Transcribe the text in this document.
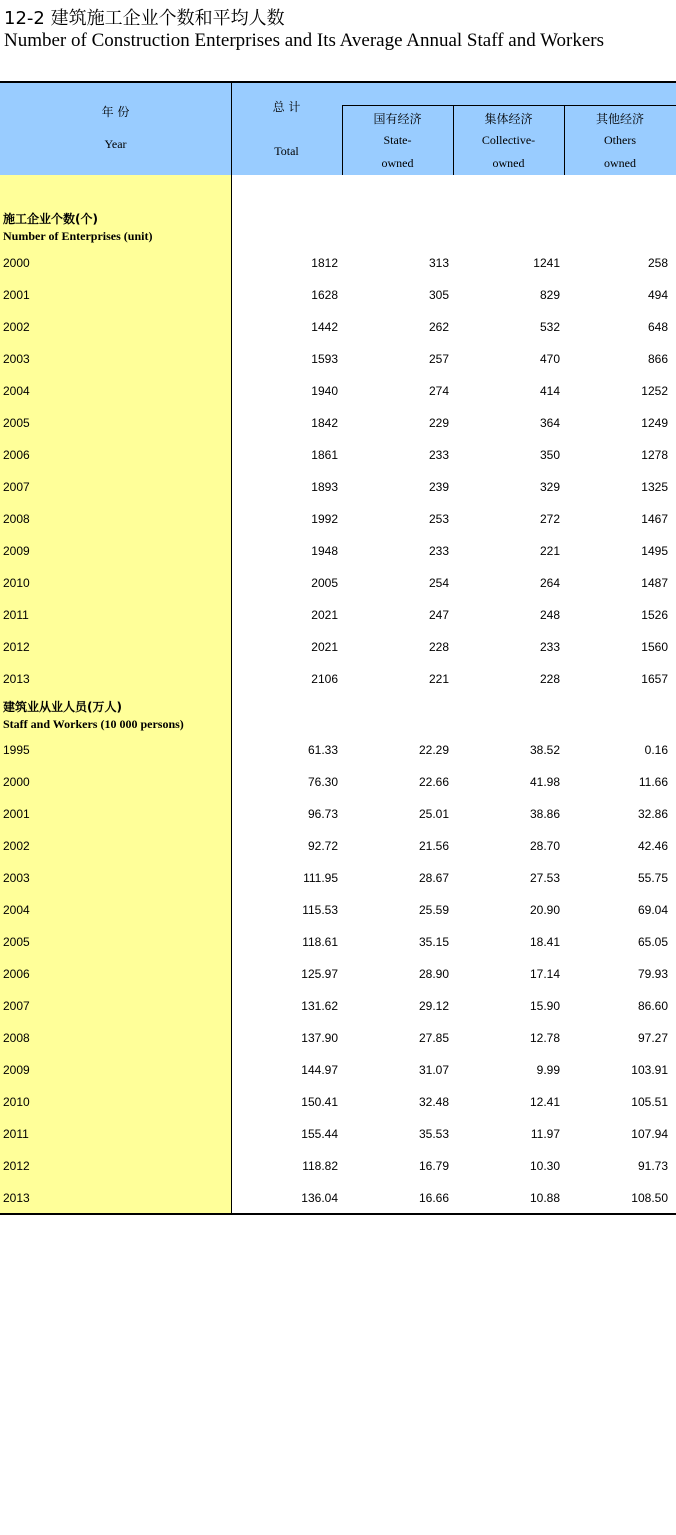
12-2 建筑施工企业个数和平均人数
Number of Construction Enterprises and Its Average Annual Staff and Workers
年 份
Year
总 计
Total
国有经济
State-
owned
集体经济
Collective-
owned
其他经济
Others
owned
施工企业个数(个)
Number of Enterprises (unit)
2000	1812	313	1241	258
2001	1628	305	829	494
2002	1442	262	532	648
2003	1593	257	470	866
2004	1940	274	414	1252
2005	1842	229	364	1249
2006	1861	233	350	1278
2007	1893	239	329	1325
2008	1992	253	272	1467
2009	1948	233	221	1495
2010	2005	254	264	1487
2011	2021	247	248	1526
2012	2021	228	233	1560
2013	2106	221	228	1657
建筑业从业人员(万人)
Staff and Workers (10 000 persons)
1995	61.33	22.29	38.52	0.16
2000	76.30	22.66	41.98	11.66
2001	96.73	25.01	38.86	32.86
2002	92.72	21.56	28.70	42.46
2003	111.95	28.67	27.53	55.75
2004	115.53	25.59	20.90	69.04
2005	118.61	35.15	18.41	65.05
2006	125.97	28.90	17.14	79.93
2007	131.62	29.12	15.90	86.60
2008	137.90	27.85	12.78	97.27
2009	144.97	31.07	9.99	103.91
2010	150.41	32.48	12.41	105.51
2011	155.44	35.53	11.97	107.94
2012	118.82	16.79	10.30	91.73
2013	136.04	16.66	10.88	108.50
